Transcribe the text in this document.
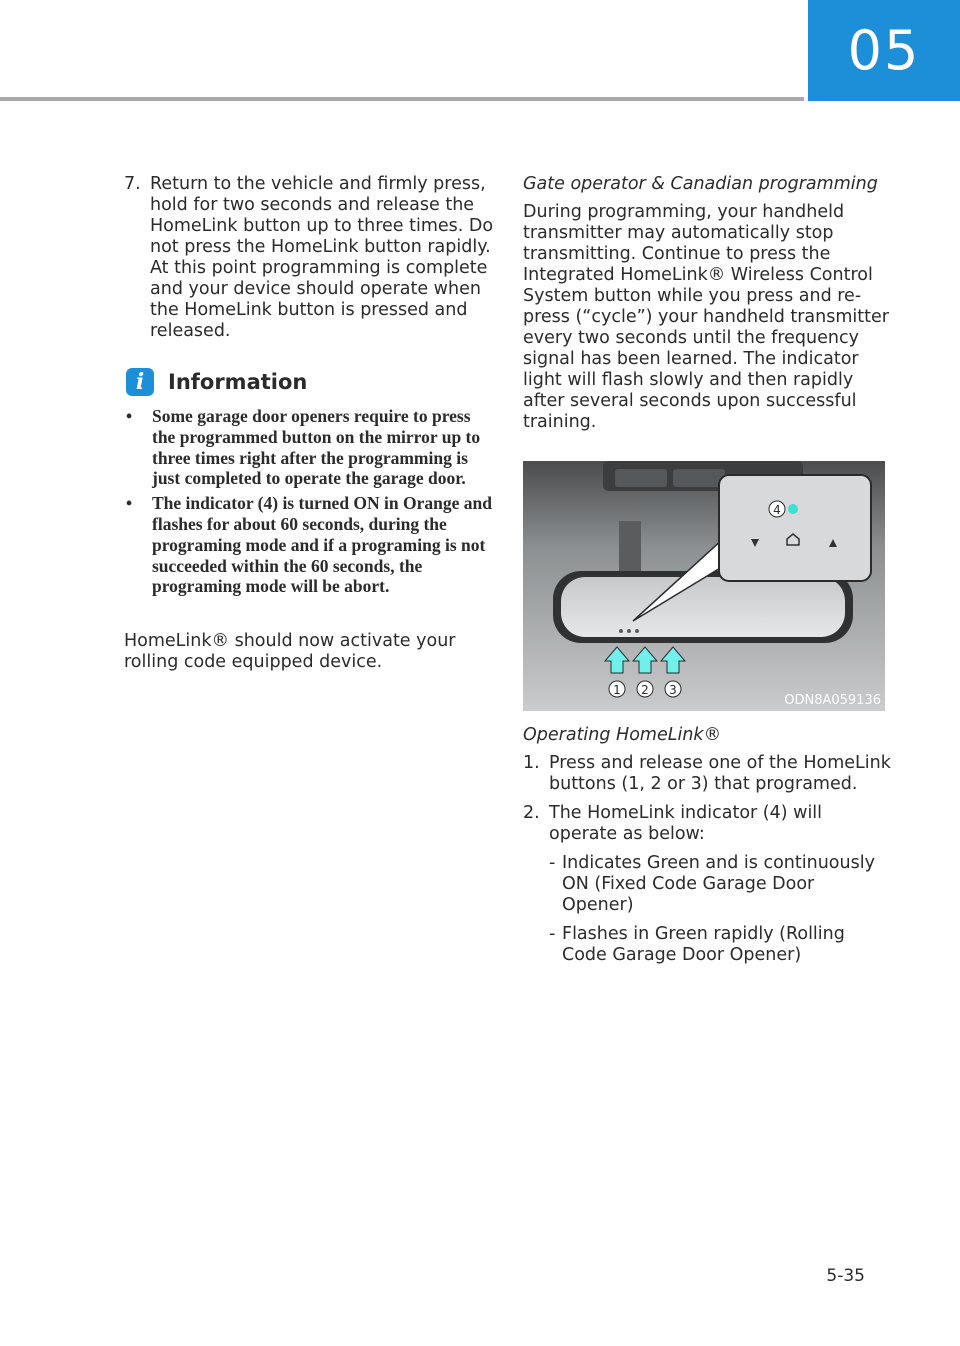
05
7. Return to the vehicle and firmly press, hold for two seconds and release the HomeLink button up to three times. Do not press the HomeLink button rapidly. At this point programming is complete and your device should operate when the HomeLink button is pressed and released.
i	Information
•	Some garage door openers require to press the programmed button on the mirror up to three times right after the programming is just completed to operate the garage door.
•	The indicator (4) is turned ON in Orange and flashes for about 60 seconds, during the programing mode and if a programing is not succeeded within the 60 seconds, the programing mode will be abort.
HomeLink® should now activate your rolling code equipped device.
Gate operator & Canadian programming
During programming, your handheld transmitter may automatically stop transmitting. Continue to press the Integrated HomeLink® Wireless Control System button while you press and re-press (“cycle”) your handheld transmitter every two seconds until the frequency signal has been learned. The indicator light will flash slowly and then rapidly after several seconds upon successful training.
4
1 2 3
ODN8A059136
Operating HomeLink®
1. Press and release one of the HomeLink buttons (1, 2 or 3) that programed.
2. The HomeLink indicator (4) will operate as below:
- Indicates Green and is continuously ON (Fixed Code Garage Door Opener)
- Flashes in Green rapidly (Rolling Code Garage Door Opener)
5-35
